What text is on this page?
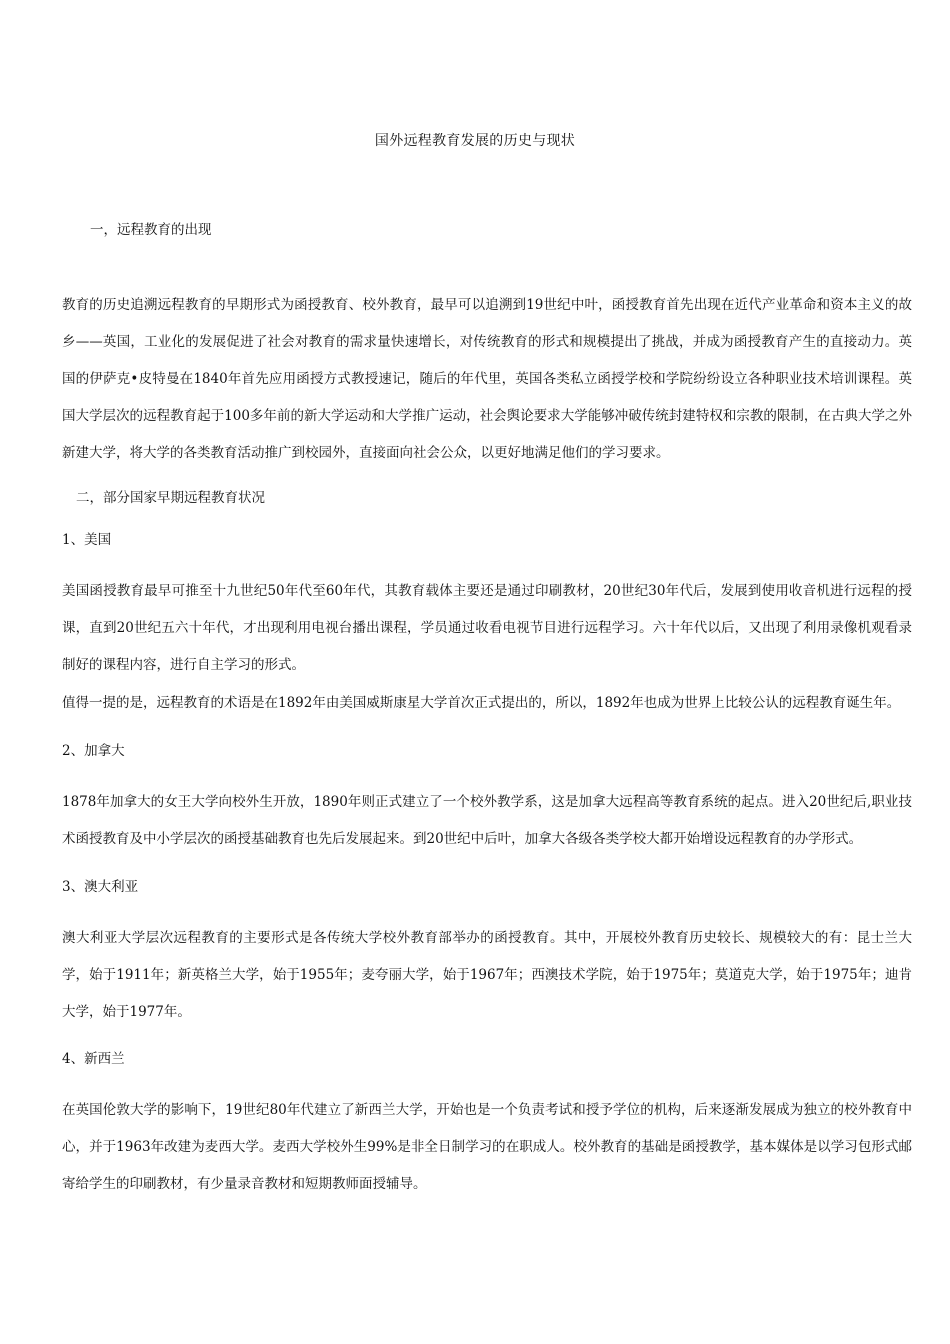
国外远程教育发展的历史与现状
一，远程教育的出现
教育的历史追溯远程教育的早期形式为函授教育、校外教育，最早可以追溯到19世纪中叶，函授教育首先出现在近代产业革命和资本主义的故乡——英国，工业化的发展促进了社会对教育的需求量快速增长，对传统教育的形式和规模提出了挑战，并成为函授教育产生的直接动力。英国的伊萨克•皮特曼在1840年首先应用函授方式教授速记，随后的年代里，英国各类私立函授学校和学院纷纷设立各种职业技术培训课程。英国大学层次的远程教育起于100多年前的新大学运动和大学推广运动，社会舆论要求大学能够冲破传统封建特权和宗教的限制，在古典大学之外新建大学，将大学的各类教育活动推广到校园外，直接面向社会公众，以更好地满足他们的学习要求。
二，部分国家早期远程教育状况
1、美国
美国函授教育最早可推至十九世纪50年代至60年代，其教育载体主要还是通过印刷教材，20世纪30年代后，发展到使用收音机进行远程的授课，直到20世纪五六十年代，才出现利用电视台播出课程，学员通过收看电视节目进行远程学习。六十年代以后，又出现了利用录像机观看录制好的课程内容，进行自主学习的形式。
值得一提的是，远程教育的术语是在1892年由美国威斯康星大学首次正式提出的，所以，1892年也成为世界上比较公认的远程教育诞生年。
2、加拿大
1878年加拿大的女王大学向校外生开放，1890年则正式建立了一个校外教学系，这是加拿大远程高等教育系统的起点。进入20世纪后,职业技术函授教育及中小学层次的函授基础教育也先后发展起来。到20世纪中后叶，加拿大各级各类学校大都开始增设远程教育的办学形式。
3、澳大利亚
澳大利亚大学层次远程教育的主要形式是各传统大学校外教育部举办的函授教育。其中，开展校外教育历史较长、规模较大的有：昆士兰大学，始于1911年；新英格兰大学，始于1955年；麦夸丽大学，始于1967年；西澳技术学院，始于1975年；莫道克大学，始于1975年；迪肯大学，始于1977年。
4、新西兰
在英国伦敦大学的影响下，19世纪80年代建立了新西兰大学，开始也是一个负责考试和授予学位的机构，后来逐渐发展成为独立的校外教育中心，并于1963年改建为麦西大学。麦西大学校外生99%是非全日制学习的在职成人。校外教育的基础是函授教学，基本媒体是以学习包形式邮寄给学生的印刷教材，有少量录音教材和短期教师面授辅导。
